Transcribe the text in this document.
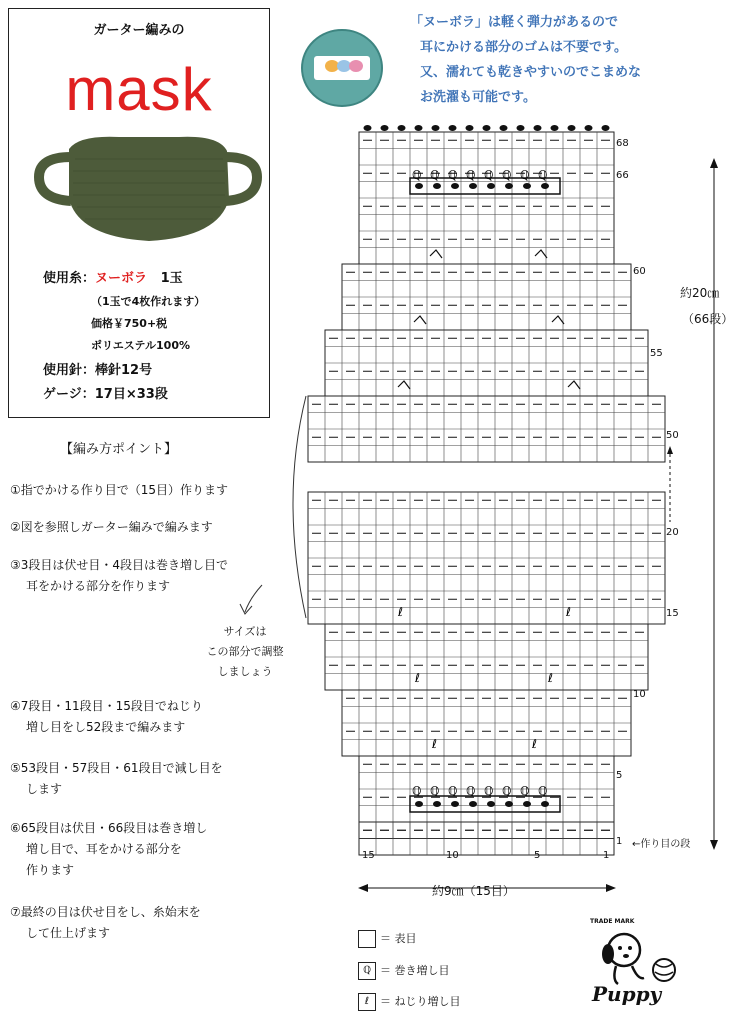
ガーター編みの
mask
使用糸：ヌーボラ 1玉
（1玉で4枚作れます）
価格￥750+税
ポリエステル100%
使用針：棒針12号
ゲージ：17目×33段
「ヌーボラ」は軽く弾力があるので
耳にかける部分のゴムは不要です。
又、濡れても乾きやすいのでこまめな
お洗濯も可能です。
【編み方ポイント】
①指でかける作り目で（15目）作ります
②図を参照しガーター編みで編みます
③3段目は伏せ目・4段目は巻き増し目で
耳をかける部分を作ります
④7段目・11段目・15段目でねじり
増し目をし52段まで編みます
⑤53段目・57段目・61段目で減し目を
します
⑥65段目は伏目・66段目は巻き増し
増し目で、耳をかける部分を
作ります
⑦最終の目は伏せ目をし、糸始末を
して仕上げます
サイズは
この部分で調整
しましょう
ℚ ℚ ℚ ℚ ℚ ℚ ℚ ℚ
ℚ ℚ ℚ ℚ ℚ ℚ ℚ ℚ
ℓ	ℓ
ℓ	ℓ
ℓ	ℓ
68
66
60
55
50
20
15
10
5
1 ←作り目の段
15	10	5	1
約20㎝
（66段）
約9㎝（15目）
＝ 表目
ℚ ＝ 巻き増し目
ℓ ＝ ねじり増し目
TRADE MARK
Puppy
